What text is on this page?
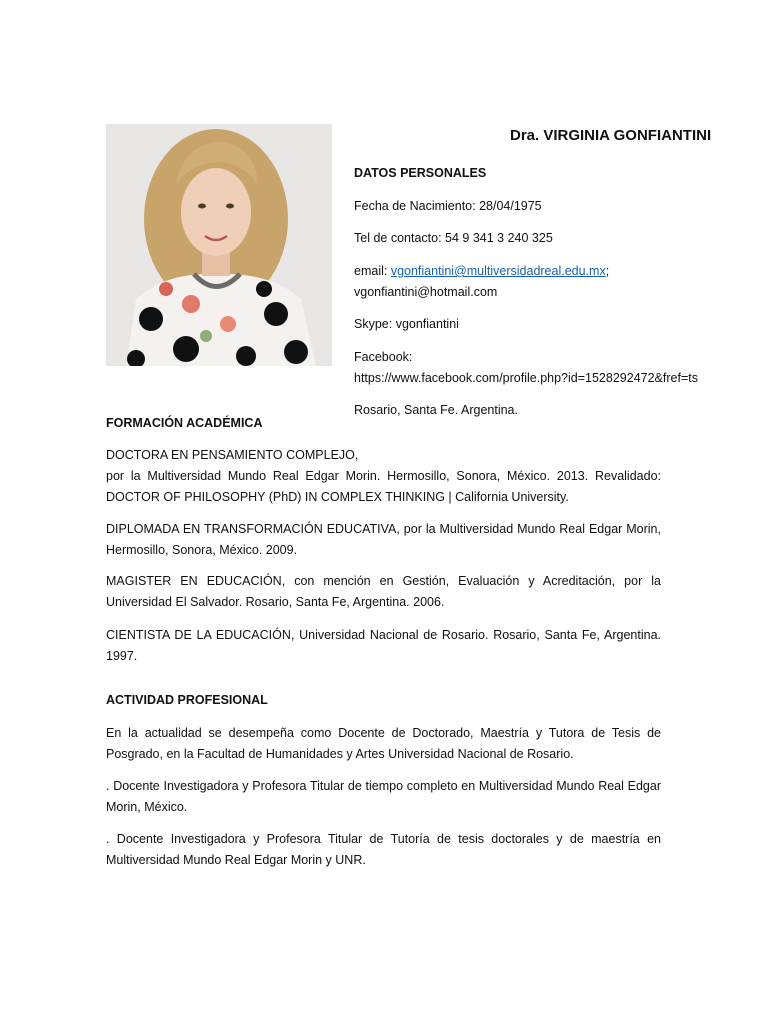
Dra. VIRGINIA GONFIANTINI
DATOS PERSONALES
Fecha de Nacimiento: 28/04/1975
Tel de contacto: 54 9 341 3 240 325
email: vgonfiantini@multiversidadreal.edu.mx;
vgonfiantini@hotmail.com
Skype: vgonfiantini
Facebook:
https://www.facebook.com/profile.php?id=1528292472&fref=ts
Rosario, Santa Fe. Argentina.
FORMACIÓN ACADÉMICA
DOCTORA EN PENSAMIENTO COMPLEJO,
por la Multiversidad Mundo Real Edgar Morin. Hermosillo, Sonora, México. 2013. Revalidado: DOCTOR OF PHILOSOPHY (PhD) IN COMPLEX THINKING | California University.
DIPLOMADA EN TRANSFORMACIÓN EDUCATIVA, por la Multiversidad Mundo Real Edgar Morin, Hermosillo, Sonora, México. 2009.
MAGISTER EN EDUCACIÓN, con mención en Gestión, Evaluación y Acreditación, por la Universidad El Salvador. Rosario, Santa Fe, Argentina. 2006.
CIENTISTA DE LA EDUCACIÓN, Universidad Nacional de Rosario. Rosario, Santa Fe, Argentina. 1997.
ACTIVIDAD PROFESIONAL
En la actualidad se desempeña como Docente de Doctorado, Maestría y Tutora de Tesis de Posgrado, en la Facultad de Humanidades y Artes Universidad Nacional de Rosario.
. Docente Investigadora y Profesora Titular de tiempo completo en Multiversidad Mundo Real Edgar Morin, México.
. Docente Investigadora y Profesora Titular de Tutoría de tesis doctorales y de maestría en Multiversidad Mundo Real Edgar Morin y UNR.
